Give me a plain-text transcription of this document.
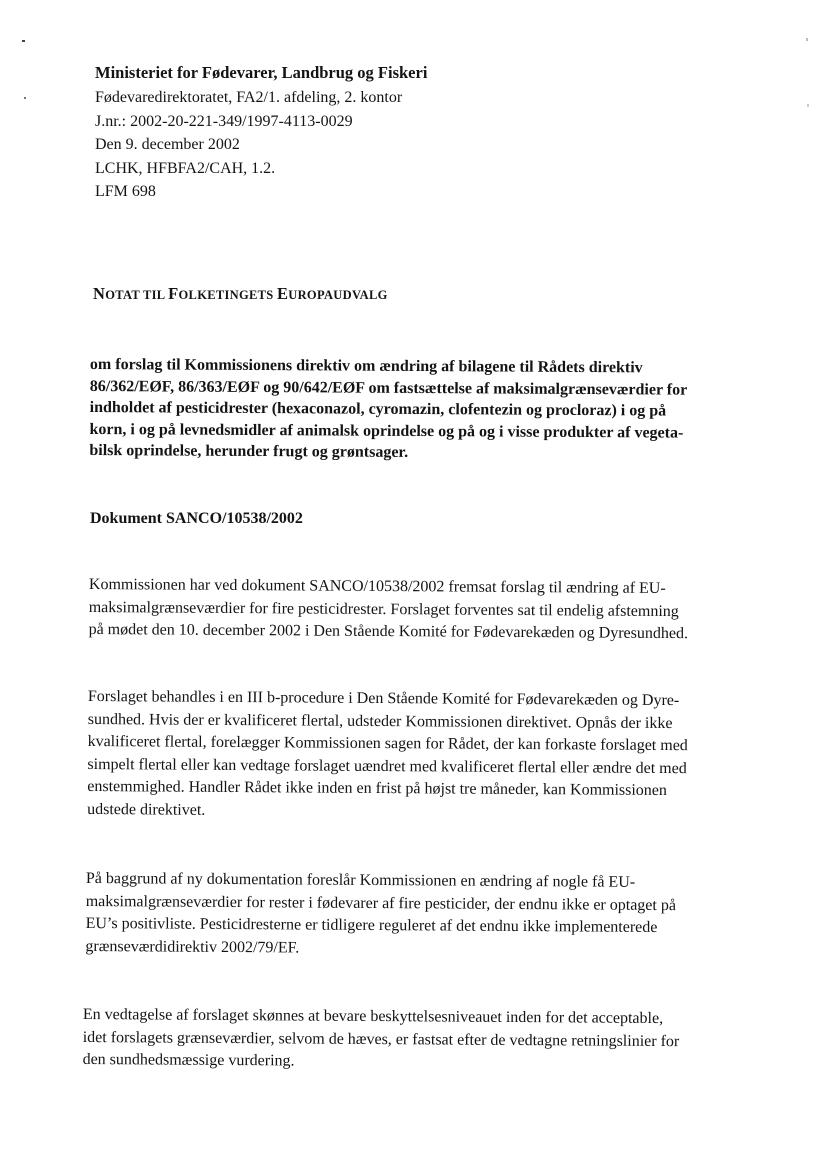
Ministeriet for Fødevarer, Landbrug og Fiskeri
Fødevaredirektoratet, FA2/1. afdeling, 2. kontor
J.nr.: 2002-20-221-349/1997-4113-0029
Den 9. december 2002
LCHK, HFBFA2/CAH, 1.2.
LFM 698
NOTAT TIL FOLKETINGETS EUROPAUDVALG
om forslag til Kommissionens direktiv om ændring af bilagene til Rådets direktiv
86/362/EØF, 86/363/EØF og 90/642/EØF om fastsættelse af maksimalgrænseværdier for
indholdet af pesticidrester (hexaconazol, cyromazin, clofentezin og procloraz) i og på
korn, i og på levnedsmidler af animalsk oprindelse og på og i visse produkter af vegeta-
bilsk oprindelse, herunder frugt og grøntsager.
Dokument SANCO/10538/2002
Kommissionen har ved dokument SANCO/10538/2002 fremsat forslag til ændring af EU-
maksimalgrænseværdier for fire pesticidrester. Forslaget forventes sat til endelig afstemning
på mødet den 10. december 2002 i Den Stående Komité for Fødevarekæden og Dyresundhed.
Forslaget behandles i en III b-procedure i Den Stående Komité for Fødevarekæden og Dyre-
sundhed. Hvis der er kvalificeret flertal, udsteder Kommissionen direktivet. Opnås der ikke
kvalificeret flertal, forelægger Kommissionen sagen for Rådet, der kan forkaste forslaget med
simpelt flertal eller kan vedtage forslaget uændret med kvalificeret flertal eller ændre det med
enstemmighed. Handler Rådet ikke inden en frist på højst tre måneder, kan Kommissionen
udstede direktivet.
På baggrund af ny dokumentation foreslår Kommissionen en ændring af nogle få EU-
maksimalgrænseværdier for rester i fødevarer af fire pesticider, der endnu ikke er optaget på
EU’s positivliste. Pesticidresterne er tidligere reguleret af det endnu ikke implementerede
grænseværdidirektiv 2002/79/EF.
En vedtagelse af forslaget skønnes at bevare beskyttelsesniveauet inden for det acceptable,
idet forslagets grænseværdier, selvom de hæves, er fastsat efter de vedtagne retningslinier for
den sundhedsmæssige vurdering.
